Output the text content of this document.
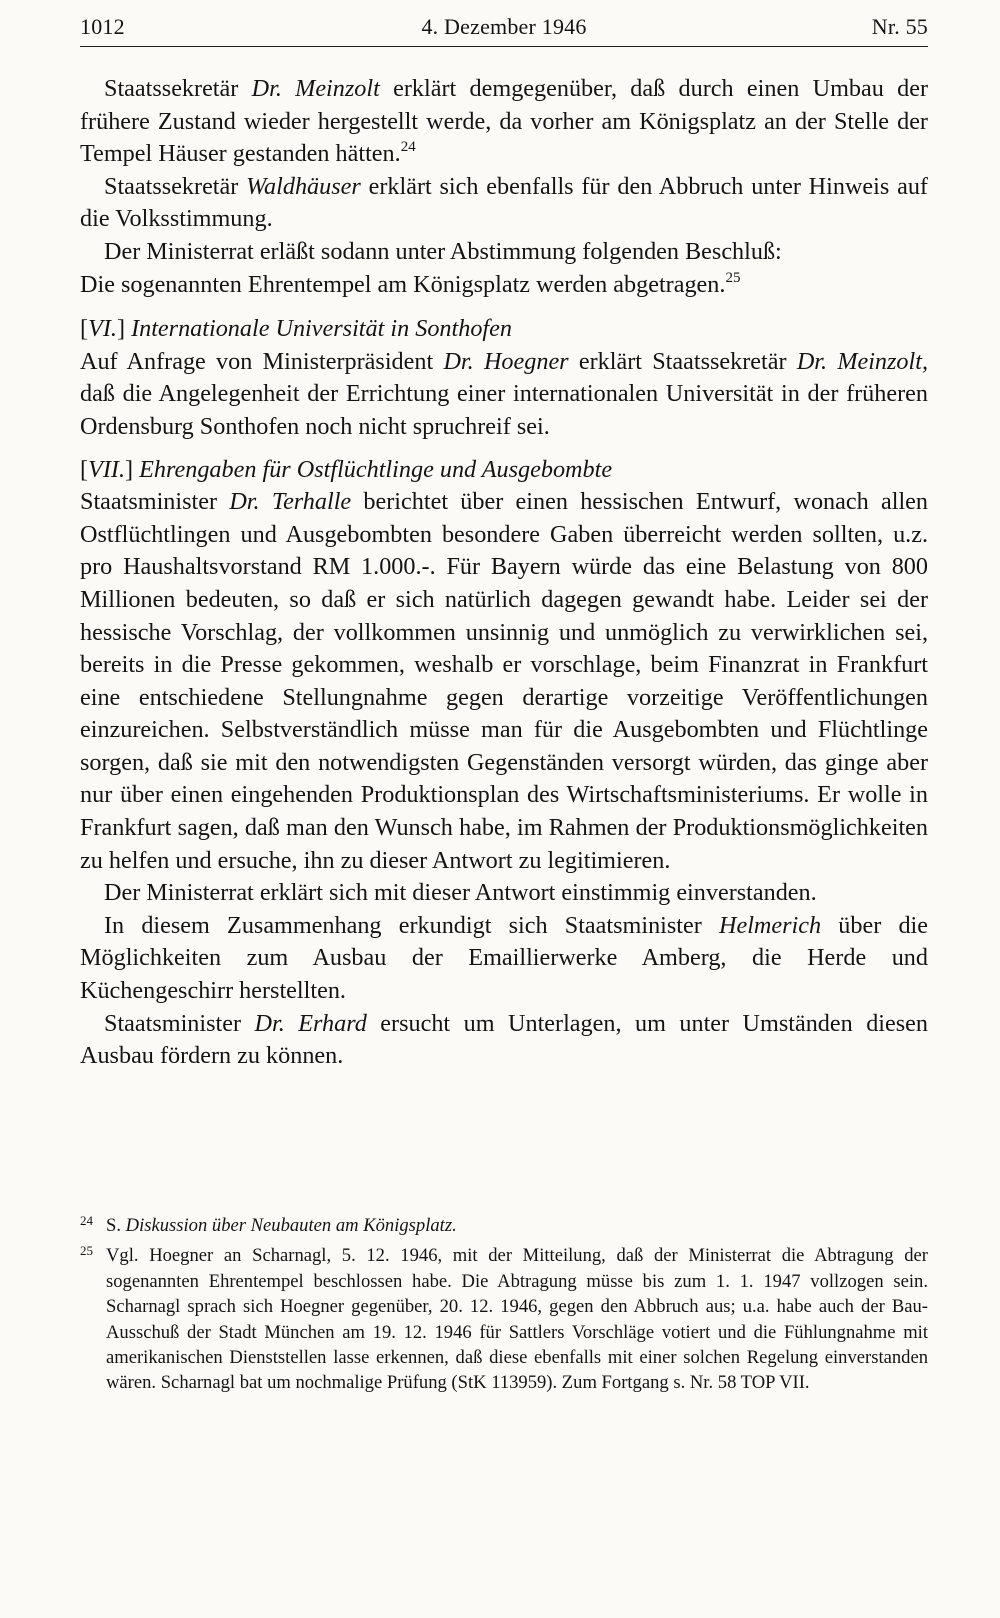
1012	4. Dezember 1946	Nr. 55

Staatssekretär Dr. Meinzolt erklärt demgegenüber, daß durch einen Umbau der frühere Zustand wieder hergestellt werde, da vorher am Königsplatz an der Stelle der Tempel Häuser gestanden hätten.$^{24}$

Staatssekretär Waldhäuser erklärt sich ebenfalls für den Abbruch unter Hinweis auf die Volksstimmung.

Der Ministerrat erläßt sodann unter Abstimmung folgenden Beschluß:

Die sogenannten Ehrentempel am Königsplatz werden abgetragen.$^{25}$

[VI.] Internationale Universität in Sonthofen

Auf Anfrage von Ministerpräsident Dr. Hoegner erklärt Staatssekretär Dr. Meinzolt, daß die Angelegenheit der Errichtung einer internationalen Universität in der früheren Ordensburg Sonthofen noch nicht spruchreif sei.

[VII.] Ehrengaben für Ostflüchtlinge und Ausgebombte

Staatsminister Dr. Terhalle berichtet über einen hessischen Entwurf, wonach allen Ostflüchtlingen und Ausgebombten besondere Gaben überreicht werden sollten, u.z. pro Haushaltsvorstand RM 1.000.-. Für Bayern würde das eine Belastung von 800 Millionen bedeuten, so daß er sich natürlich dagegen gewandt habe. Leider sei der hessische Vorschlag, der vollkommen unsinnig und unmöglich zu verwirklichen sei, bereits in die Presse gekommen, weshalb er vorschlage, beim Finanzrat in Frankfurt eine entschiedene Stellungnahme gegen derartige vorzeitige Veröffentlichungen einzureichen. Selbstverständlich müsse man für die Ausgebombten und Flüchtlinge sorgen, daß sie mit den notwendigsten Gegenständen versorgt würden, das ginge aber nur über einen eingehenden Produktionsplan des Wirtschaftsministeriums. Er wolle in Frankfurt sagen, daß man den Wunsch habe, im Rahmen der Produktionsmöglichkeiten zu helfen und ersuche, ihn zu dieser Antwort zu legitimieren.

Der Ministerrat erklärt sich mit dieser Antwort einstimmig einverstanden.

In diesem Zusammenhang erkundigt sich Staatsminister Helmerich über die Möglichkeiten zum Ausbau der Emaillierwerke Amberg, die Herde und Küchengeschirr herstellten.

Staatsminister Dr. Erhard ersucht um Unterlagen, um unter Umständen diesen Ausbau fördern zu können.

24 S. Diskussion über Neubauten am Königsplatz.
25 Vgl. Hoegner an Scharnagl, 5. 12. 1946, mit der Mitteilung, daß der Ministerrat die Abtragung der sogenannten Ehrentempel beschlossen habe. Die Abtragung müsse bis zum 1. 1. 1947 vollzogen sein. Scharnagl sprach sich Hoegner gegenüber, 20. 12. 1946, gegen den Abbruch aus; u.a. habe auch der Bau-Ausschuß der Stadt München am 19. 12. 1946 für Sattlers Vorschläge votiert und die Fühlungnahme mit amerikanischen Dienststellen lasse erkennen, daß diese ebenfalls mit einer solchen Regelung einverstanden wären. Scharnagl bat um nochmalige Prüfung (StK 113959). Zum Fortgang s. Nr. 58 TOP VII.
